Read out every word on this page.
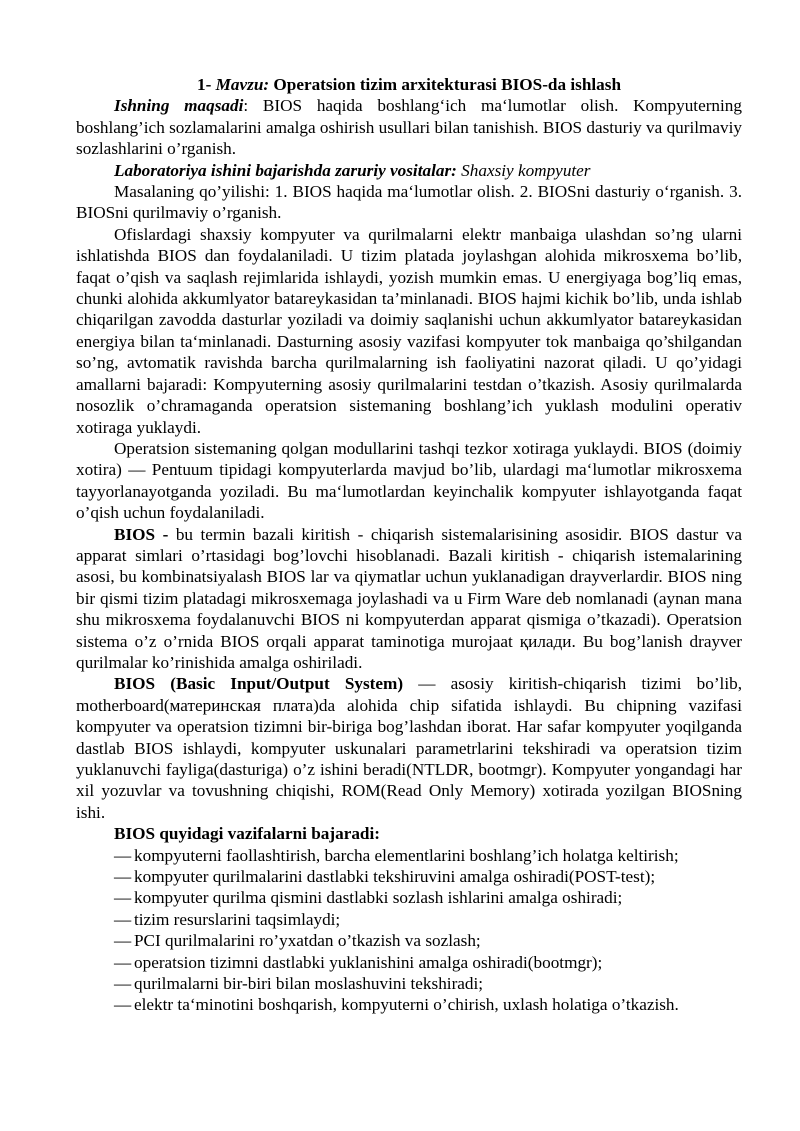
1- Mavzu: Operatsion tizim arxitekturasi BIOS-da ishlash

Ishning maqsadi: BIOS haqida boshlang‘ich ma‘lumotlar olish. Kompyuterning boshlang’ich sozlamalarini amalga oshirish usullari bilan tanishish. BIOS dasturiy va qurilmaviy sozlashlarini o’rganish.

Laboratoriya ishini bajarishda zaruriy vositalar: Shaxsiy kompyuter

Masalaning qo’yilishi: 1. BIOS haqida ma‘lumotlar olish. 2. BIOSni dasturiy o‘rganish. 3. BIOSni qurilmaviy o’rganish.

Ofislardagi shaxsiy kompyuter va qurilmalarni elektr manbaiga ulashdan so’ng ularni ishlatishda BIOS dan foydalaniladi. U tizim platada joylashgan alohida mikrosxema bo’lib, faqat o’qish va saqlash rejimlarida ishlaydi, yozish mumkin emas. U energiyaga bog’liq emas, chunki alohida akkumlyator batareykasidan ta’minlanadi. BIOS hajmi kichik bo’lib, unda ishlab chiqarilgan zavodda dasturlar yoziladi va doimiy saqlanishi uchun akkumlyator batareykasidan energiya bilan ta‘minlanadi. Dasturning asosiy vazifasi kompyuter tok manbaiga qo’shilgandan so’ng, avtomatik ravishda barcha qurilmalarning ish faoliyatini nazorat qiladi. U qo’yidagi amallarni bajaradi: Kompyuterning asosiy qurilmalarini testdan o’tkazish. Asosiy qurilmalarda nosozlik o’chramaganda operatsion sistemaning boshlang’ich yuklash modulini operativ xotiraga yuklaydi.

Operatsion sistemaning qolgan modullarini tashqi tezkor xotiraga yuklaydi. BIOS (doimiy xotira) — Pentuum tipidagi kompyuterlarda mavjud bo’lib, ulardagi ma‘lumotlar mikrosxema tayyorlanayotganda yoziladi. Bu ma‘lumotlardan keyinchalik kompyuter ishlayotganda faqat o’qish uchun foydalaniladi.

BIOS - bu termin bazali kiritish - chiqarish sistemalarisining asosidir. BIOS dastur va apparat simlari o’rtasidagi bog’lovchi hisoblanadi. Bazali kiritish - chiqarish istemalarining asosi, bu kombinatsiyalash BIOS lar va qiymatlar uchun yuklanadigan drayverlardir. BIOS ning bir qismi tizim platadagi mikrosxemaga joylashadi va u Firm Ware deb nomlanadi (aynan mana shu mikrosxema foydalanuvchi BIOS ni kompyuterdan apparat qismiga o’tkazadi). Operatsion sistema o’z o’rnida BIOS orqali apparat taminotiga murojaat қилади. Bu bog’lanish drayver qurilmalar ko’rinishida amalga oshiriladi.

BIOS (Basic Input/Output System) — asosiy kiritish-chiqarish tizimi bo’lib, motherboard(материнская плата)da alohida chip sifatida ishlaydi. Bu chipning vazifasi kompyuter va operatsion tizimni bir-biriga bog’lashdan iborat. Har safar kompyuter yoqilganda dastlab BIOS ishlaydi, kompyuter uskunalari parametrlarini tekshiradi va operatsion tizim yuklanuvchi fayliga(dasturiga) o’z ishini beradi(NTLDR, bootmgr). Kompyuter yongandagi har xil yozuvlar va tovushning chiqishi, ROM(Read Only Memory) xotirada yozilgan BIOSning ishi.

BIOS quyidagi vazifalarni bajaradi:

— kompyuterni faollashtirish, barcha elementlarini boshlang’ich holatga keltirish;
— kompyuter qurilmalarini dastlabki tekshiruvini amalga oshiradi(POST-test);
— kompyuter qurilma qismini dastlabki sozlash ishlarini amalga oshiradi;
— tizim resurslarini taqsimlaydi;
— PCI qurilmalarini ro’yxatdan o’tkazish va sozlash;
— operatsion tizimni dastlabki yuklanishini amalga oshiradi(bootmgr);
— qurilmalarni bir-biri bilan moslashuvini tekshiradi;
— elektr ta‘minotini boshqarish, kompyuterni o’chirish, uxlash holatiga o’tkazish.
